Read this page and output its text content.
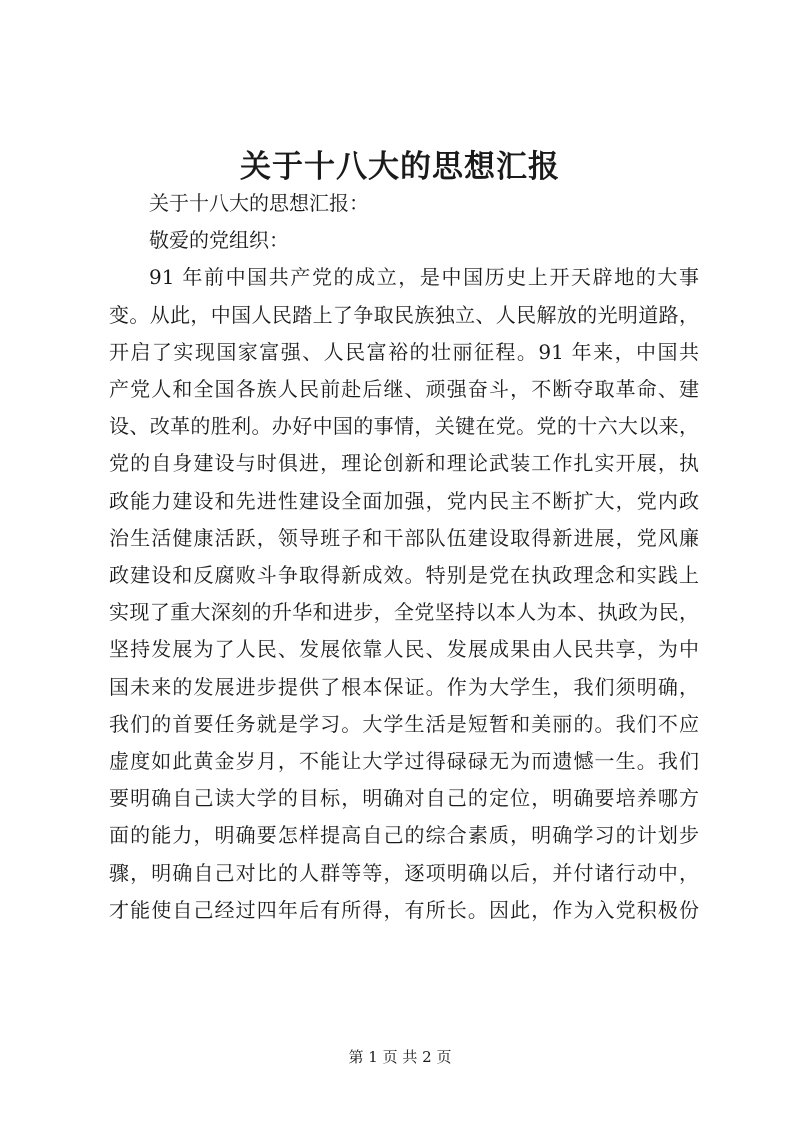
关于十八大的思想汇报
关于十八大的思想汇报：
敬爱的党组织：
91 年前中国共产党的成立，是中国历史上开天辟地的大事
变。从此，中国人民踏上了争取民族独立、人民解放的光明道路，
开启了实现国家富强、人民富裕的壮丽征程。91 年来，中国共
产党人和全国各族人民前赴后继、顽强奋斗，不断夺取革命、建
设、改革的胜利。办好中国的事情，关键在党。党的十六大以来，
党的自身建设与时俱进，理论创新和理论武装工作扎实开展，执
政能力建设和先进性建设全面加强，党内民主不断扩大，党内政
治生活健康活跃，领导班子和干部队伍建设取得新进展，党风廉
政建设和反腐败斗争取得新成效。特别是党在执政理念和实践上
实现了重大深刻的升华和进步，全党坚持以本人为本、执政为民，
坚持发展为了人民、发展依靠人民、发展成果由人民共享，为中
国未来的发展进步提供了根本保证。作为大学生，我们须明确，
我们的首要任务就是学习。大学生活是短暂和美丽的。我们不应
虚度如此黄金岁月，不能让大学过得碌碌无为而遗憾一生。我们
要明确自己读大学的目标，明确对自己的定位，明确要培养哪方
面的能力，明确要怎样提高自己的综合素质，明确学习的计划步
骤，明确自己对比的人群等等，逐项明确以后，并付诸行动中，
才能使自己经过四年后有所得，有所长。因此，作为入党积极份
第 1 页 共 2 页
